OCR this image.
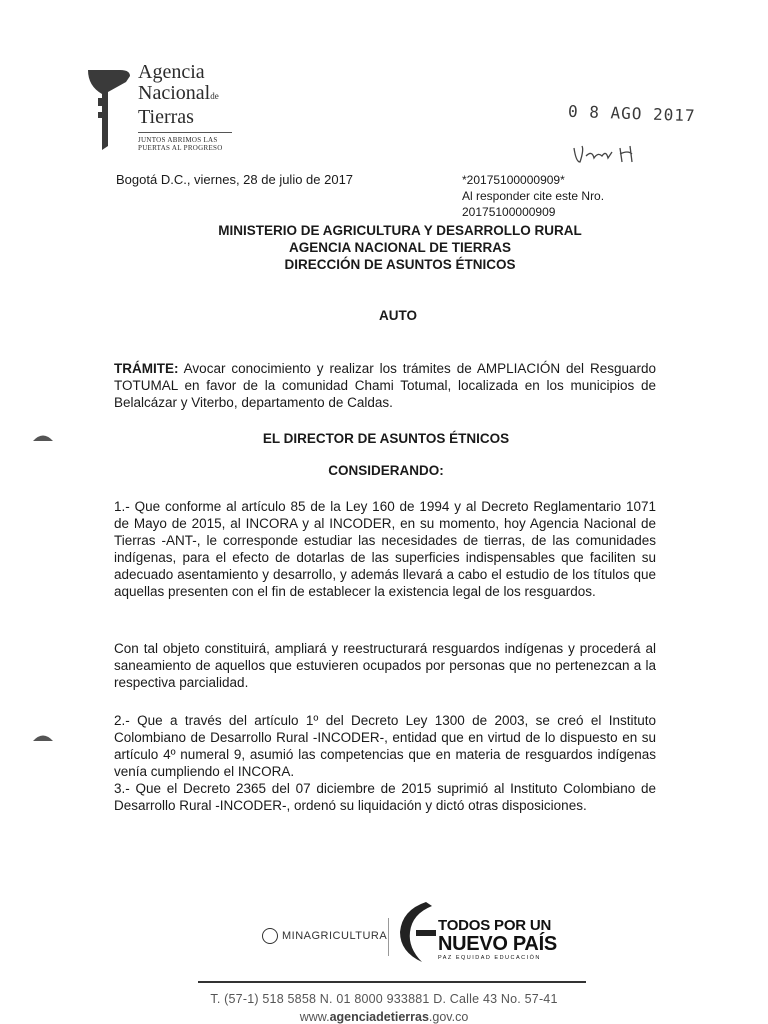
Agencia
Nacionalde
Tierras
JUNTOS ABRIMOS LAS
PUERTAS AL PROGRESO
0 8 AGO 2017
Bogotá D.C., viernes, 28 de julio de 2017	*20175100000909*
Al responder cite este Nro.
20175100000909
MINISTERIO DE AGRICULTURA Y DESARROLLO RURAL
AGENCIA NACIONAL DE TIERRAS
DIRECCIÓN DE ASUNTOS ÉTNICOS
AUTO
TRÁMITE: Avocar conocimiento y realizar los trámites de AMPLIACIÓN del Resguardo TOTUMAL en favor de la comunidad Chami Totumal, localizada en los municipios de Belalcázar y Viterbo, departamento de Caldas.
EL DIRECTOR DE ASUNTOS ÉTNICOS
CONSIDERANDO:
1.- Que conforme al artículo 85 de la Ley 160 de 1994 y al Decreto Reglamentario 1071 de Mayo de 2015, al INCORA y al INCODER, en su momento, hoy Agencia Nacional de Tierras -ANT-, le corresponde estudiar las necesidades de tierras, de las comunidades indígenas, para el efecto de dotarlas de las superficies indispensables que faciliten su adecuado asentamiento y desarrollo, y además llevará a cabo el estudio de los títulos que aquellas presenten con el fin de establecer la existencia legal de los resguardos.
Con tal objeto constituirá, ampliará y reestructurará resguardos indígenas y procederá al saneamiento de aquellos que estuvieren ocupados por personas que no pertenezcan a la respectiva parcialidad.
2.- Que a través del artículo 1º del Decreto Ley 1300 de 2003, se creó el Instituto Colombiano de Desarrollo Rural -INCODER-, entidad que en virtud de lo dispuesto en su artículo 4º numeral 9, asumió las competencias que en materia de resguardos indígenas venía cumpliendo el INCORA.
3.- Que el Decreto 2365 del 07 diciembre de 2015 suprimió al Instituto Colombiano de Desarrollo Rural -INCODER-, ordenó su liquidación y dictó otras disposiciones.
MINAGRICULTURA
TODOS POR UN
NUEVO PAÍS
PAZ EQUIDAD EDUCACIÓN
T. (57-1) 518 5858 N. 01 8000 933881 D. Calle 43 No. 57-41
www.agenciadetierras.gov.co
